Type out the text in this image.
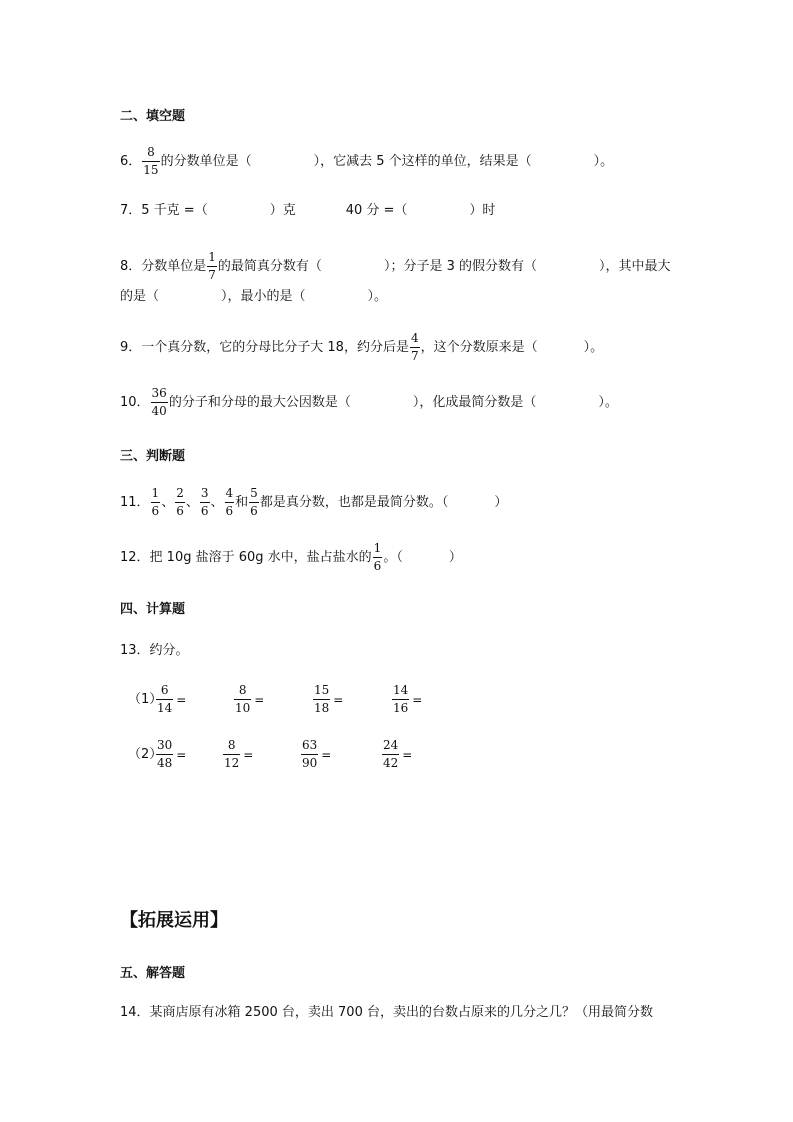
二、填空题
6． $\frac{8}{15}$ 的分数单位是（	），它减去 5 个这样的单位，结果是（	）。
7．5 千克 =（	）克	40 分 =（	）时
8．分数单位是 $\frac{1}{7}$ 的最简真分数有（	）；分子是 3 的假分数有（	），其中最大
的是（	），最小的是（	）。
9．一个真分数，它的分母比分子大 18，约分后是 $\frac{4}{7}$ ，这个分数原来是（	）。
10． $\frac{36}{40}$ 的分子和分母的最大公因数是（	），化成最简分数是（	）。
三、判断题
11． $\frac{1}{6}$ 、 $\frac{2}{6}$ 、 $\frac{3}{6}$ 、 $\frac{4}{6}$ 和 $\frac{5}{6}$ 都是真分数，也都是最简分数。（	）
12．把 10g 盐溶于 60g 水中，盐占盐水的 $\frac{1}{6}$ 。（	）
四、计算题
13．约分。
（1）
$\frac{6}{14}$ =	$\frac{8}{10}$ =	$\frac{15}{18}$ =	$\frac{14}{16}$ =
（2）
$\frac{30}{48}$ =	$\frac{8}{12}$ =	$\frac{63}{90}$ =	$\frac{24}{42}$ =
【拓展运用】
五、解答题
14．某商店原有冰箱 2500 台，卖出 700 台，卖出的台数占原来的几分之几？（用最简分数
